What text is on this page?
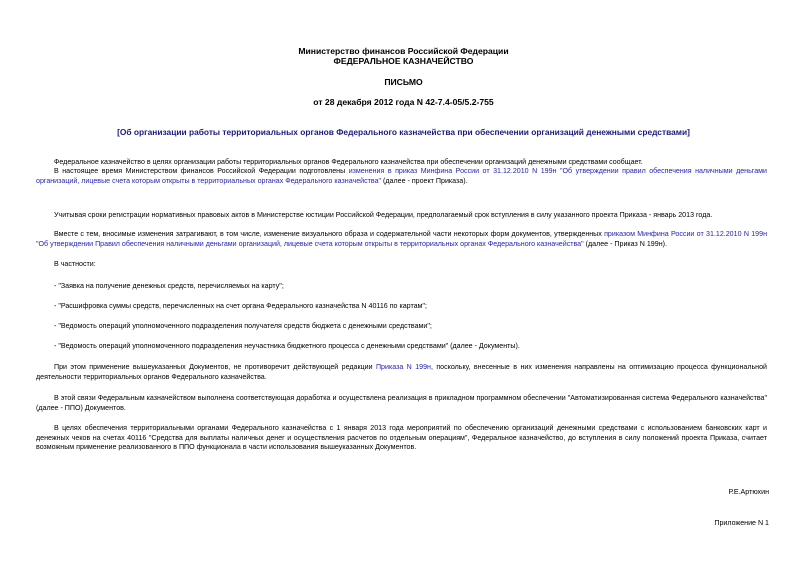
Министерство финансов Российской Федерации
ФЕДЕРАЛЬНОЕ КАЗНАЧЕЙСТВО
ПИСЬМО
от 28 декабря 2012 года N 42-7.4-05/5.2-755
[Об организации работы территориальных органов Федерального казначейства при обеспечении организаций денежными средствами]

Федеральное казначейство в целях организации работы территориальных органов Федерального казначейства при обеспечении организаций денежными средствами сообщает.

В настоящее время Министерством финансов Российской Федерации подготовлены изменения в приказ Минфина России от 31.12.2010 N 199н "Об утверждении правил обеспечения наличными деньгами организаций, лицевые счета которым открыты в территориальных органах Федерального казначейства" (далее - проект Приказа).

Учитывая сроки регистрации нормативных правовых актов в Министерстве юстиции Российской Федерации, предполагаемый срок вступления в силу указанного проекта Приказа - январь 2013 года.

Вместе с тем, вносимые изменения затрагивают, в том числе, изменение визуального образа и содержательной части некоторых форм документов, утвержденных приказом Минфина России от 31.12.2010 N 199н "Об утверждении Правил обеспечения наличными деньгами организаций, лицевые счета которым открыты в территориальных органах Федерального казначейства" (далее - Приказ N 199н).

В частности:

- "Заявка на получение денежных средств, перечисляемых на карту";

- "Расшифровка суммы средств, перечисленных на счет органа Федерального казначейства N 40116 по картам";

- "Ведомость операций уполномоченного подразделения получателя средств бюджета с денежными средствами";

- "Ведомость операций уполномоченного подразделения неучастника бюджетного процесса с денежными средствами" (далее - Документы).

При этом применение вышеуказанных Документов, не противоречит действующей редакции Приказа N 199н, поскольку, внесенные в них изменения направлены на оптимизацию процесса функциональной деятельности территориальных органов Федерального казначейства.

В этой связи Федеральным казначейством выполнена соответствующая доработка и осуществлена реализация в прикладном программном обеспечении "Автоматизированная система Федерального казначейства" (далее - ППО) Документов.

В целях обеспечения территориальными органами Федерального казначейства с 1 января 2013 года мероприятий по обеспечению организаций денежными средствами с использованием банковских карт и денежных чеков на счетах 40116 "Средства для выплаты наличных денег и осуществления расчетов по отдельным операциям", Федеральное казначейство, до вступления в силу положений проекта Приказа, считает возможным применение реализованного в ППО функционала в части использования вышеуказанных Документов.

Р.Е.Артюхин
Приложение N 1
